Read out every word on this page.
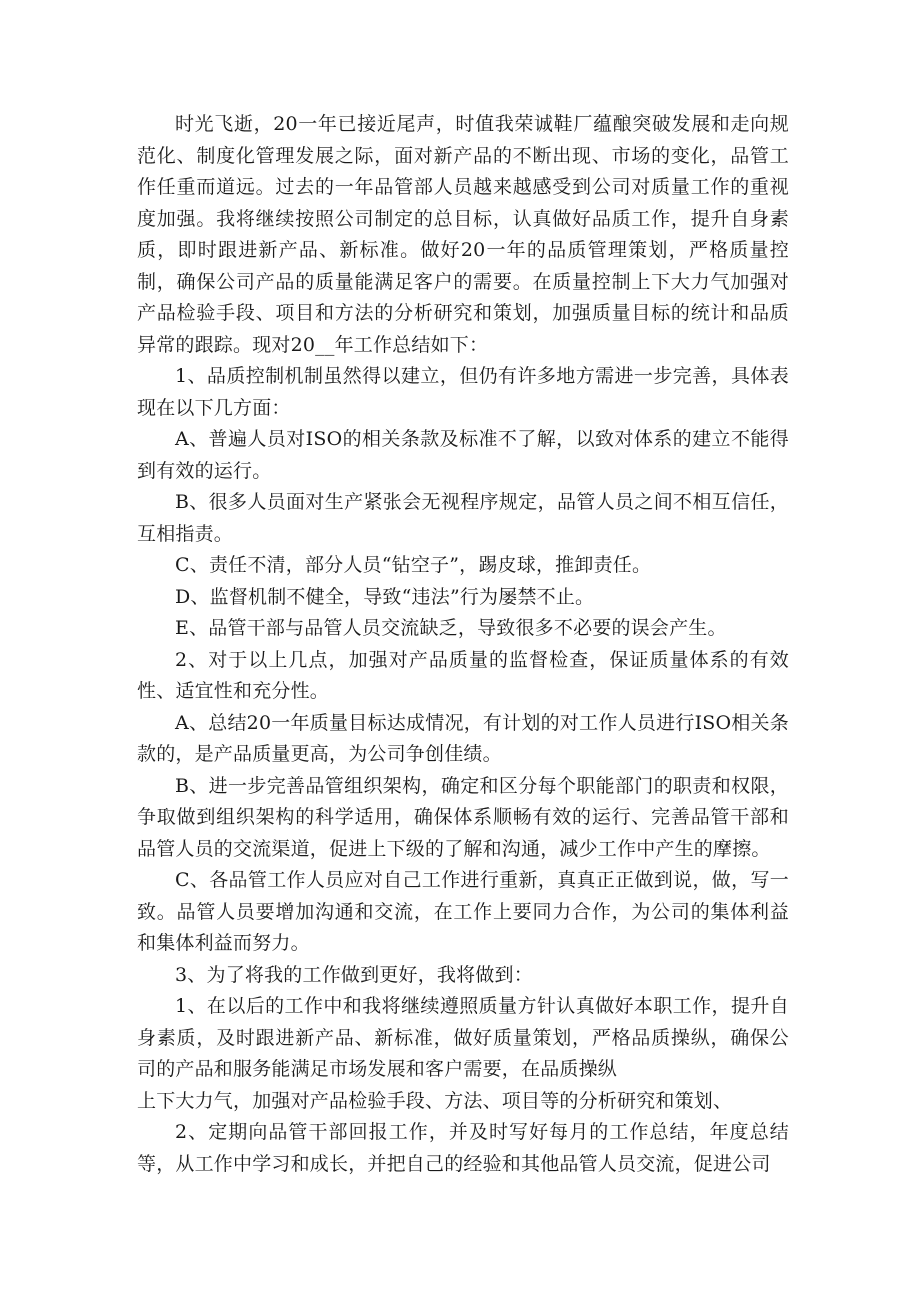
时光飞逝，20一年已接近尾声，时值我荣诚鞋厂蕴酿突破发展和走向规范化、制度化管理发展之际，面对新产品的不断出现、市场的变化，品管工作任重而道远。过去的一年品管部人员越来越感受到公司对质量工作的重视度加强。我将继续按照公司制定的总目标，认真做好品质工作，提升自身素质，即时跟进新产品、新标准。做好20一年的品质管理策划，严格质量控制，确保公司产品的质量能满足客户的需要。在质量控制上下大力气加强对产品检验手段、项目和方法的分析研究和策划，加强质量目标的统计和品质异常的跟踪。现对20__年工作总结如下：

1、品质控制机制虽然得以建立，但仍有许多地方需进一步完善，具体表现在以下几方面：

A、普遍人员对ISO的相关条款及标准不了解，以致对体系的建立不能得到有效的运行。

B、很多人员面对生产紧张会无视程序规定，品管人员之间不相互信任，互相指责。

C、责任不清，部分人员“钻空子”，踢皮球，推卸责任。

D、监督机制不健全，导致“违法”行为屡禁不止。

E、品管干部与品管人员交流缺乏，导致很多不必要的误会产生。

2、对于以上几点，加强对产品质量的监督检查，保证质量体系的有效性、适宜性和充分性。

A、总结20一年质量目标达成情况，有计划的对工作人员进行ISO相关条款的，是产品质量更高，为公司争创佳绩。

B、进一步完善品管组织架构，确定和区分每个职能部门的职责和权限，争取做到组织架构的科学适用，确保体系顺畅有效的运行、完善品管干部和品管人员的交流渠道，促进上下级的了解和沟通，减少工作中产生的摩擦。

C、各品管工作人员应对自己工作进行重新，真真正正做到说，做，写一致。品管人员要增加沟通和交流，在工作上要同力合作，为公司的集体利益和集体利益而努力。

3、为了将我的工作做到更好，我将做到：

1、在以后的工作中和我将继续遵照质量方针认真做好本职工作，提升自身素质，及时跟进新产品、新标准，做好质量策划，严格品质操纵，确保公司的产品和服务能满足市场发展和客户需要，在品质操纵

上下大力气，加强对产品检验手段、方法、项目等的分析研究和策划、

2、定期向品管干部回报工作，并及时写好每月的工作总结，年度总结等，从工作中学习和成长，并把自己的经验和其他品管人员交流，促进公司
